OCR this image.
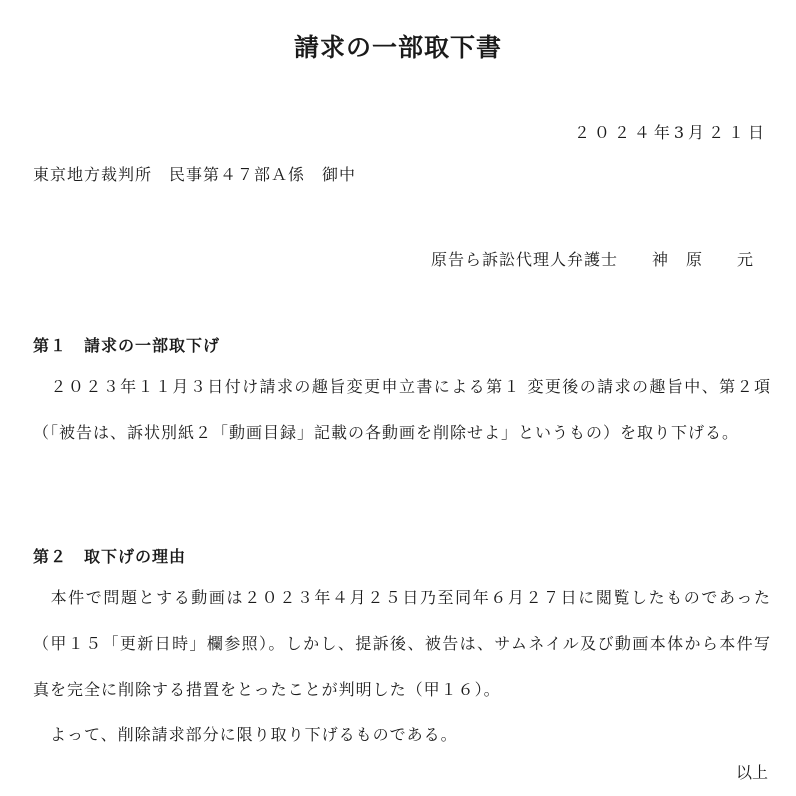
請求の一部取下書
２０２４年3月２１日
東京地方裁判所　民事第４７部Ａ係　御中
原告ら訴訟代理人弁護士　　神　原　　元
第１　請求の一部取下げ
　２０２３年１１月３日付け請求の趣旨変更申立書による第１ 変更後の請求の趣旨中、第２項（「被告は、訴状別紙２「動画目録」記載の各動画を削除せよ」というもの）を取り下げる。
第２　取下げの理由
　本件で問題とする動画は２０２３年４月２５日乃至同年６月２７日に閲覧したものであった（甲１５「更新日時」欄参照）。しかし、提訴後、被告は、サムネイル及び動画本体から本件写真を完全に削除する措置をとったことが判明した（甲１６）。
　よって、削除請求部分に限り取り下げるものである。
以上
